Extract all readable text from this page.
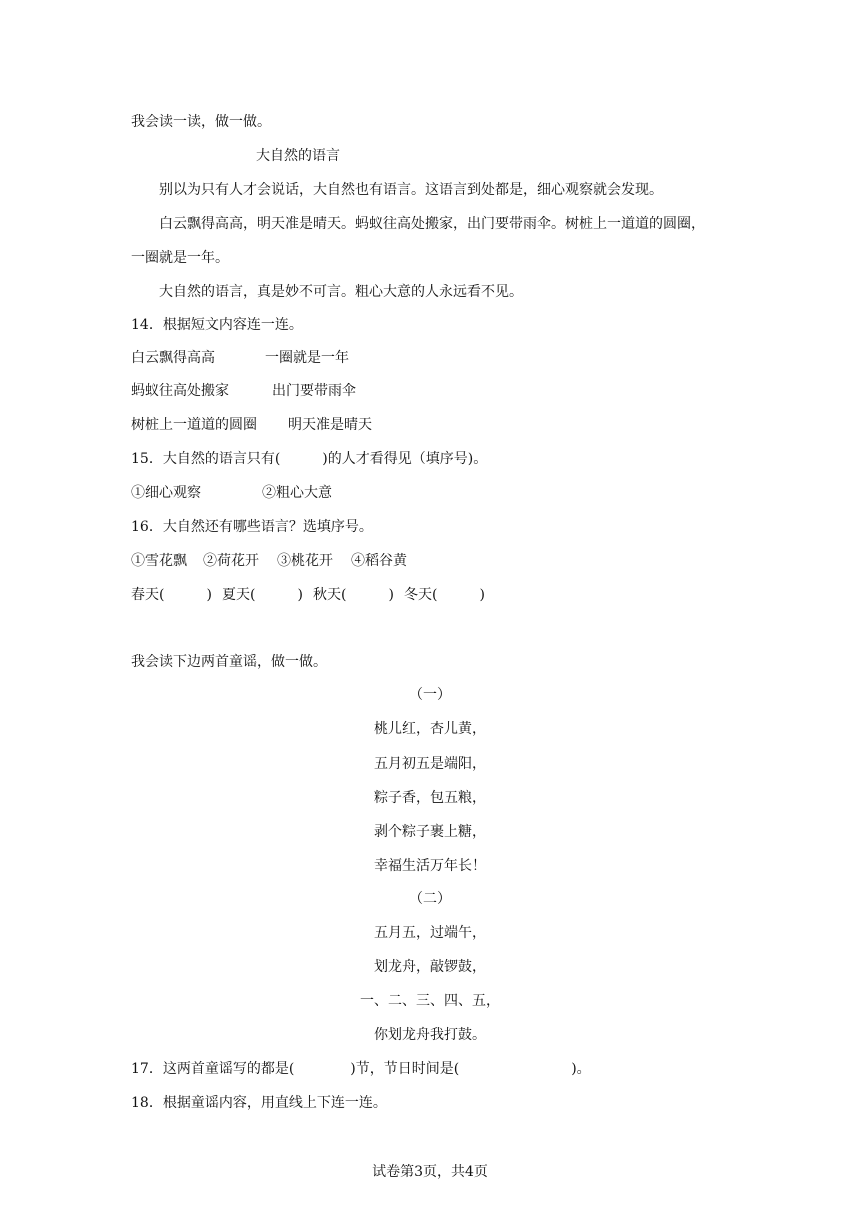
我会读一读，做一做。
大自然的语言
别以为只有人才会说话，大自然也有语言。这语言到处都是，细心观察就会发现。
白云飘得高高，明天准是晴天。蚂蚁往高处搬家，出门要带雨伞。树桩上一道道的圆圈，
一圈就是一年。
大自然的语言，真是妙不可言。粗心大意的人永远看不见。
14．根据短文内容连一连。
白云飘得高高	一圈就是一年
蚂蚁往高处搬家	出门要带雨伞
树桩上一道道的圆圈 明天准是晴天
15．大自然的语言只有(　　　)的人才看得见（填序号)。
①细心观察	②粗心大意
16．大自然还有哪些语言？选填序号。
①雪花飘 ②荷花开 ③桃花开 ④稻谷黄
春天(　　　) 夏天(　　　) 秋天(　　　) 冬天(　　　)
我会读下边两首童谣，做一做。
（一）
桃儿红，杏儿黄，
五月初五是端阳，
粽子香，包五粮，
剥个粽子裹上糖，
幸福生活万年长！
（二）
五月五，过端午，
划龙舟，敲锣鼓，
一、二、三、四、五，
你划龙舟我打鼓。
17．这两首童谣写的都是(　　　　)节，节日时间是(　　　　　　　　)。
18．根据童谣内容，用直线上下连一连。
试卷第3页，共4页
